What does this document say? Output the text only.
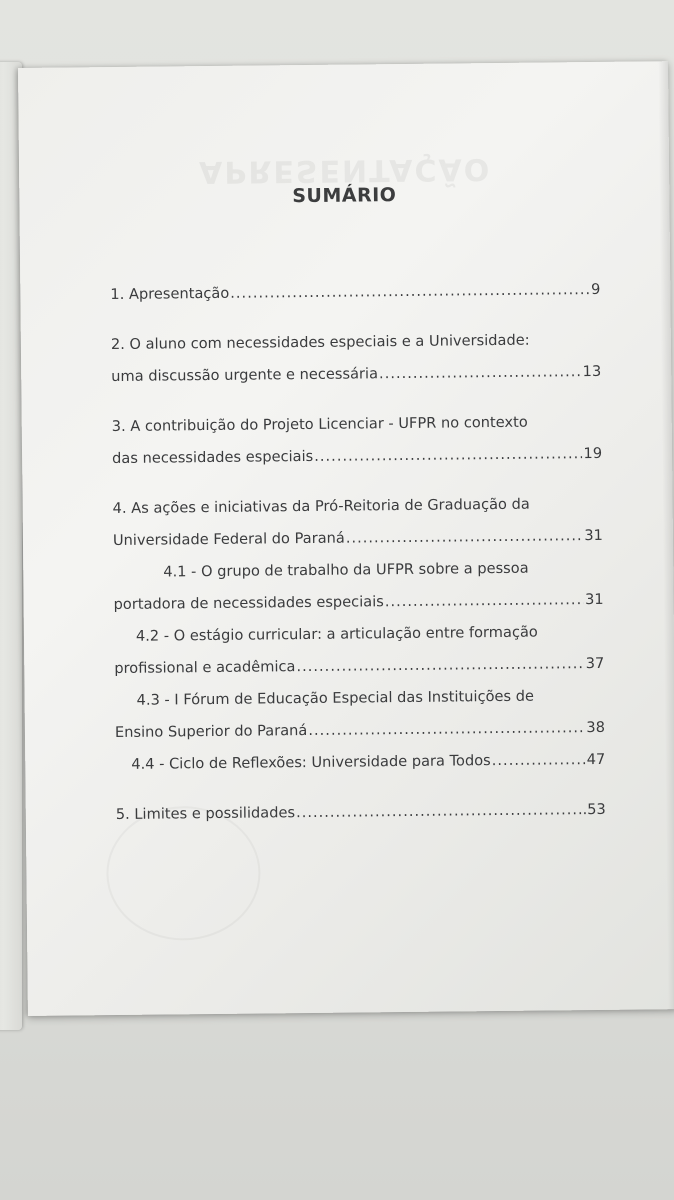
APRESENTAÇÃO
SUMÁRIO
1. Apresentação .....	9
2. O aluno com necessidades especiais e a Universidade:
uma discussão urgente e necessária .....	13
3. A contribuição do Projeto Licenciar - UFPR no contexto
das necessidades especiais .....	19
4. As ações e iniciativas da Pró-Reitoria de Graduação da
Universidade Federal do Paraná .....	31
4.1 - O grupo de trabalho da UFPR sobre a pessoa
portadora de necessidades especiais .....	31
4.2 - O estágio curricular: a articulação entre formação
profissional e acadêmica .....	37
4.3 - I Fórum de Educação Especial das Instituições de
Ensino Superior do Paraná .....	38
4.4 - Ciclo de Reflexões: Universidade para Todos .....	47
5. Limites e possilidades .....	.53
